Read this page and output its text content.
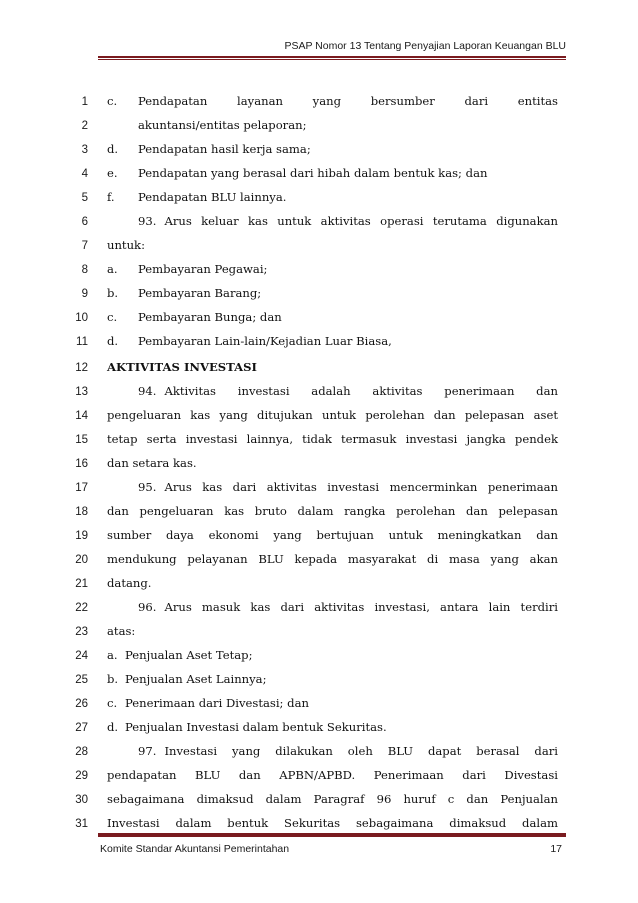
PSAP Nomor 13 Tentang Penyajian Laporan Keuangan BLU
1 c. Pendapatan layanan yang bersumber dari entitas
2	akuntansi/entitas pelaporan;
3 d. Pendapatan hasil kerja sama;
4 e. Pendapatan yang berasal dari hibah dalam bentuk kas; dan
5 f. Pendapatan BLU lainnya.
6	93. Arus keluar kas untuk aktivitas operasi terutama digunakan
7 untuk:
8 a. Pembayaran Pegawai;
9 b. Pembayaran Barang;
10 c. Pembayaran Bunga; dan
11 d. Pembayaran Lain-lain/Kejadian Luar Biasa,
12 AKTIVITAS INVESTASI
13	94. Aktivitas investasi adalah aktivitas penerimaan dan
14 pengeluaran kas yang ditujukan untuk perolehan dan pelepasan aset
15 tetap serta investasi lainnya, tidak termasuk investasi jangka pendek
16 dan setara kas.
17	95. Arus kas dari aktivitas investasi mencerminkan penerimaan
18 dan pengeluaran kas bruto dalam rangka perolehan dan pelepasan
19 sumber daya ekonomi yang bertujuan untuk meningkatkan dan
20 mendukung pelayanan BLU kepada masyarakat di masa yang akan
21 datang.
22	96. Arus masuk kas dari aktivitas investasi, antara lain terdiri
23 atas:
24 a. Penjualan Aset Tetap;
25 b. Penjualan Aset Lainnya;
26 c. Penerimaan dari Divestasi; dan
27 d. Penjualan Investasi dalam bentuk Sekuritas.
28	97. Investasi yang dilakukan oleh BLU dapat berasal dari
29 pendapatan BLU dan APBN/APBD. Penerimaan dari Divestasi
30 sebagaimana dimaksud dalam Paragraf 96 huruf c dan Penjualan
31 Investasi dalam bentuk Sekuritas sebagaimana dimaksud dalam
Komite Standar Akuntansi Pemerintahan	17
